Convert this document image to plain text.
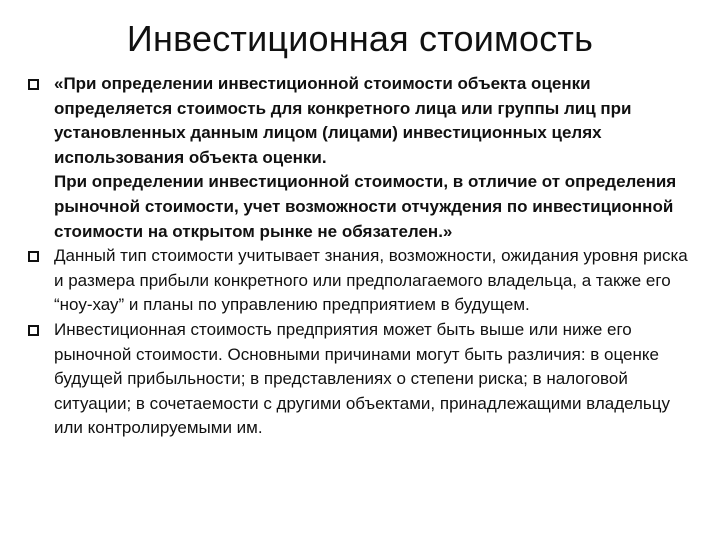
Инвестиционная стоимость

«При определении инвестиционной стоимости объекта оценки определяется стоимость для конкретного лица или группы лиц при установленных данным лицом (лицами) инвестиционных целях использования объекта оценки.

При определении инвестиционной стоимости, в отличие от определения рыночной стоимости, учет возможности отчуждения по инвестиционной стоимости на открытом рынке не обязателен.»

Данный тип стоимости учитывает знания, возможности, ожидания уровня риска и размера прибыли конкретного или предполагаемого владельца, а также его “ноу-хау” и планы по управлению предприятием в будущем.

Инвестиционная стоимость предприятия может быть выше или ниже его рыночной стоимости. Основными причинами могут быть различия: в оценке будущей прибыльности; в представлениях о степени риска; в налоговой ситуации; в сочетаемости с другими объектами, принадлежащими владельцу или контролируемыми им.
